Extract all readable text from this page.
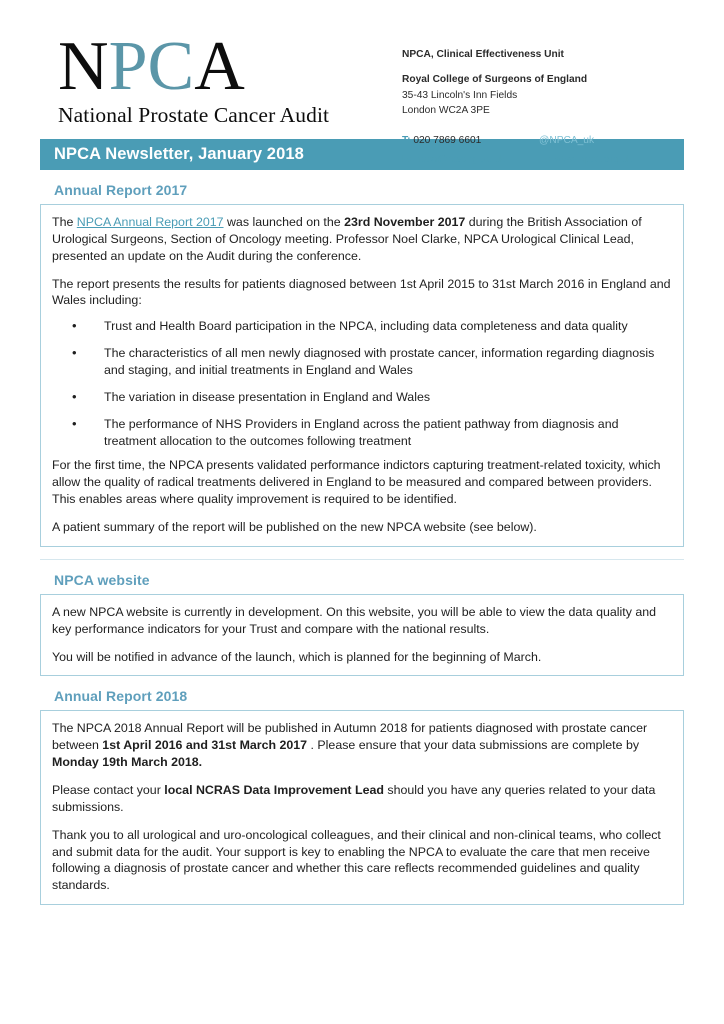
NPCA
National Prostate Cancer Audit
NPCA, Clinical Effectiveness Unit
Royal College of Surgeons of England
35-43 Lincoln's Inn Fields
London WC2A 3PE
T: 020 7869 6601	@NPCA_uk
E: npca@rcseng.ac.uk	W: www.npca.org.uk
NPCA Newsletter, January 2018
Annual Report 2017

The NPCA Annual Report 2017 was launched on the 23rd November 2017 during the British Association of Urological Surgeons, Section of Oncology meeting. Professor Noel Clarke, NPCA Urological Clinical Lead, presented an update on the Audit during the conference.

The report presents the results for patients diagnosed between 1st April 2015 to 31st March 2016 in England and Wales including:

• Trust and Health Board participation in the NPCA, including data completeness and data quality
• The characteristics of all men newly diagnosed with prostate cancer, information regarding diagnosis and staging, and initial treatments in England and Wales
• The variation in disease presentation in England and Wales
• The performance of NHS Providers in England across the patient pathway from diagnosis and treatment allocation to the outcomes following treatment

For the first time, the NPCA presents validated performance indictors capturing treatment-related toxicity, which allow the quality of radical treatments delivered in England to be measured and compared between providers. This enables areas where quality improvement is required to be identified.

A patient summary of the report will be published on the new NPCA website (see below).

NPCA website

A new NPCA website is currently in development. On this website, you will be able to view the data quality and key performance indicators for your Trust and compare with the national results.

You will be notified in advance of the launch, which is planned for the beginning of March.

Annual Report 2018

The NPCA 2018 Annual Report will be published in Autumn 2018 for patients diagnosed with prostate cancer between 1st April 2016 and 31st March 2017 . Please ensure that your data submissions are complete by Monday 19th March 2018.

Please contact your local NCRAS Data Improvement Lead should you have any queries related to your data submissions.

Thank you to all urological and uro-oncological colleagues, and their clinical and non-clinical teams, who collect and submit data for the audit. Your support is key to enabling the NPCA to evaluate the care that men receive following a diagnosis of prostate cancer and whether this care reflects recommended guidelines and quality standards.
